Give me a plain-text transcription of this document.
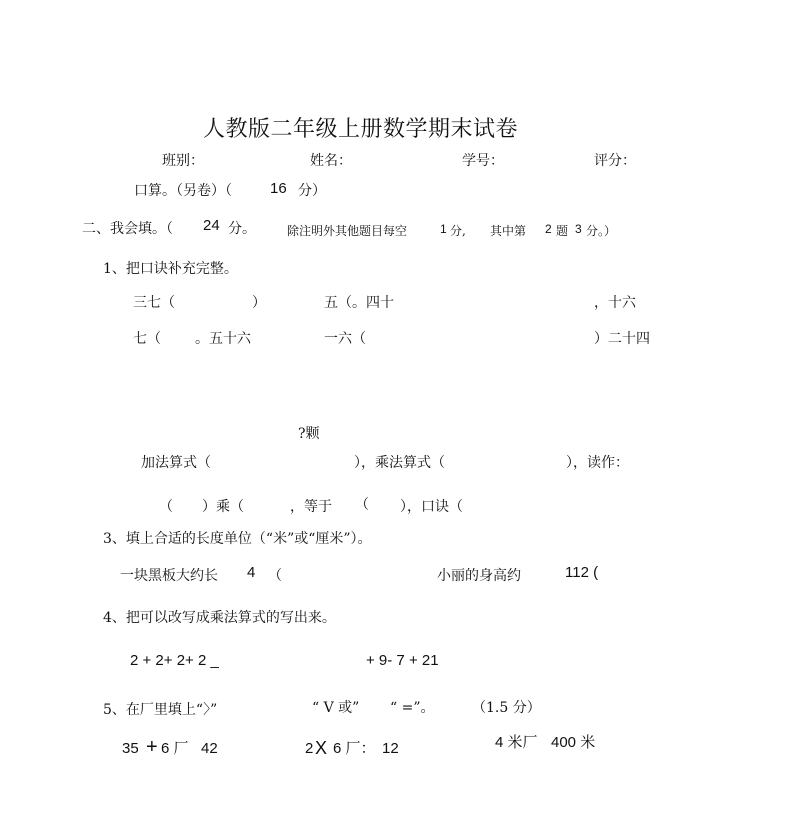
人教版二年级上册数学期末试卷
班别：	姓名：	学号：	评分：
口算。（另卷）（	16 分）
二、我会填。（ 24 分。	除注明外其他题目每空	1 分, 其中第 2 题 3 分。）
1、把口诀补充完整。
三七（	）	五（。四十	，十六
七（ 。五十六	一六（	）二十四
?颗
加法算式（	），乘法算式（	），读作：
（ ）乘（	，等于 （ ），口诀（
3、填上合适的长度单位（“米”或“厘米”）。
一块黑板大约长 4 （	小丽的身高约	112 (
4、把可以改写成乘法算式的写出来。
2 + 2+ 2+ 2 _	+ 9- 7 + 21
5、在厂里填上“〉”	“ V 或” “ =”。	（1.5 分）
35 + 6 厂 42	2 X 6 厂： 12	4 米厂 400 米
